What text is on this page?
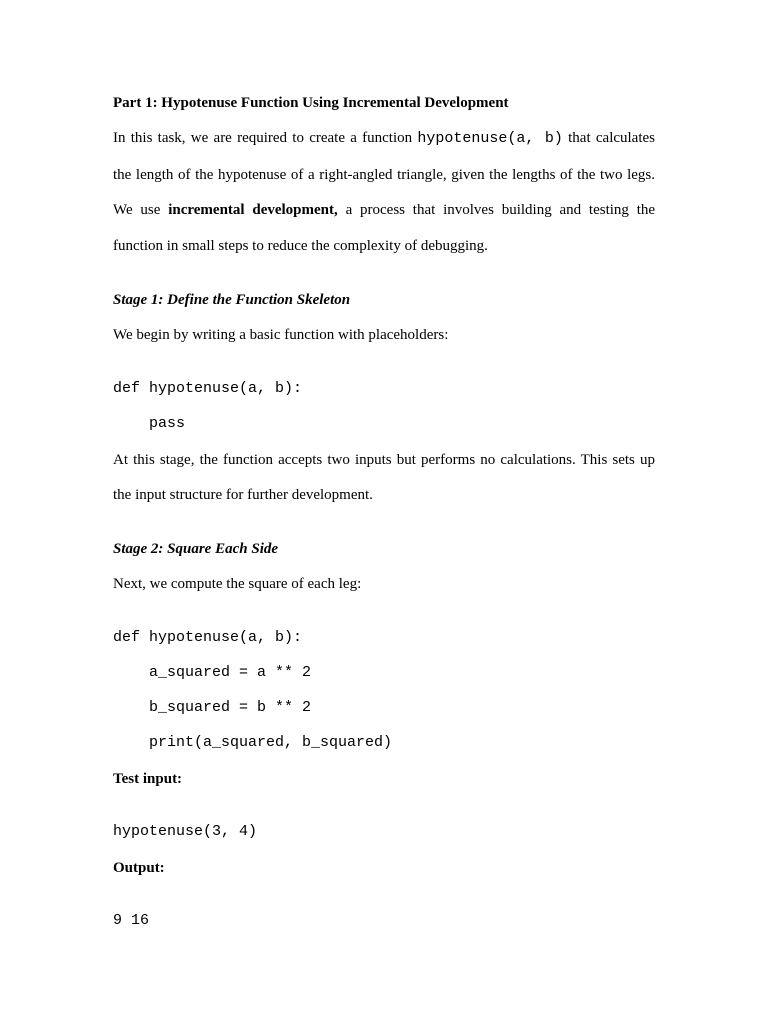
Part 1: Hypotenuse Function Using Incremental Development
In this task, we are required to create a function hypotenuse(a, b) that calculates
the length of the hypotenuse of a right-angled triangle, given the lengths of the two legs.
We use incremental development, a process that involves building and testing the
function in small steps to reduce the complexity of debugging.
Stage 1: Define the Function Skeleton
We begin by writing a basic function with placeholders:
def hypotenuse(a, b):
pass
At this stage, the function accepts two inputs but performs no calculations. This sets up
the input structure for further development.
Stage 2: Square Each Side
Next, we compute the square of each leg:
def hypotenuse(a, b):
a_squared = a ** 2
b_squared = b ** 2
print(a_squared, b_squared)
Test input:
hypotenuse(3, 4)
Output:
9 16
